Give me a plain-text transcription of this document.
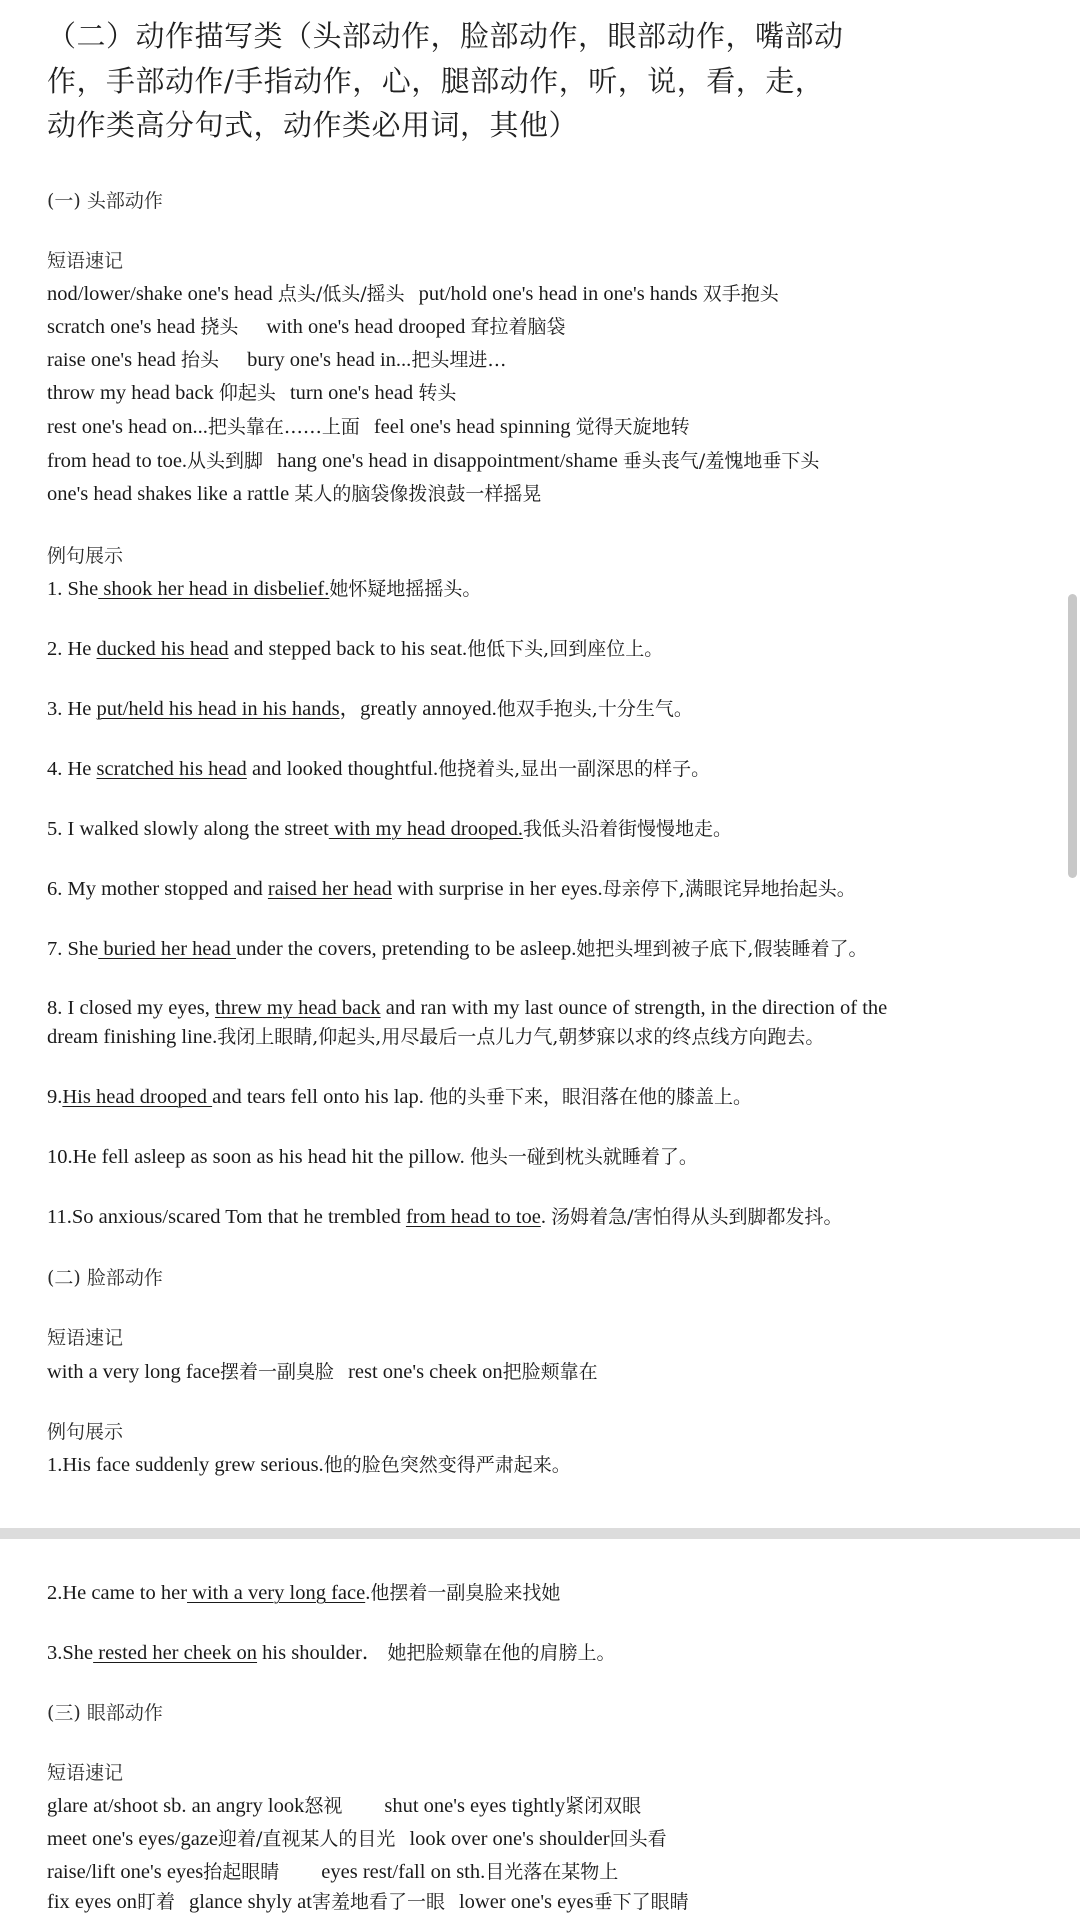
（二）动作描写类（头部动作，脸部动作，眼部动作，嘴部动
作，手部动作/手指动作，心，腿部动作，听，说，看，走，
动作类高分句式，动作类必用词，其他）
(一) 头部动作
短语速记
nod/lower/shake one's head 点头/低头/摇头 put/hold one's head in one's hands 双手抱头
scratch one's head 挠头 with one's head drooped 耷拉着脑袋
raise one's head 抬头 bury one's head in...把头埋进…
throw my head back 仰起头 turn one's head 转头
rest one's head on...把头靠在……上面 feel one's head spinning 觉得天旋地转
from head to toe.从头到脚 hang one's head in disappointment/shame 垂头丧气/羞愧地垂下头
one's head shakes like a rattle 某人的脑袋像拨浪鼓一样摇晃
例句展示
1. She shook her head in disbelief.她怀疑地摇摇头。
2. He ducked his head and stepped back to his seat.他低下头,回到座位上。
3. He put/held his head in his hands，greatly annoyed.他双手抱头,十分生气。
4. He scratched his head and looked thoughtful.他挠着头,显出一副深思的样子。
5. I walked slowly along the street with my head drooped.我低头沿着街慢慢地走。
6. My mother stopped and raised her head with surprise in her eyes.母亲停下,满眼诧异地抬起头。
7. She buried her head under the covers, pretending to be asleep.她把头埋到被子底下,假装睡着了。
8. I closed my eyes, threw my head back and ran with my last ounce of strength, in the direction of the
dream finishing line.我闭上眼睛,仰起头,用尽最后一点儿力气,朝梦寐以求的终点线方向跑去。
9.His head drooped and tears fell onto his lap. 他的头垂下来，眼泪落在他的膝盖上。
10.He fell asleep as soon as his head hit the pillow. 他头一碰到枕头就睡着了。
11.So anxious/scared Tom that he trembled from head to toe. 汤姆着急/害怕得从头到脚都发抖。
(二) 脸部动作
短语速记
with a very long face摆着一副臭脸 rest one's cheek on把脸颊靠在
例句展示
1.His face suddenly grew serious.他的脸色突然变得严肃起来。
2.He came to her with a very long face.他摆着一副臭脸来找她
3.She rested her cheek on his shoulder． 她把脸颊靠在他的肩膀上。
(三) 眼部动作
短语速记
glare at/shoot sb. an angry look怒视 shut one's eyes tightly紧闭双眼
meet one's eyes/gaze迎着/直视某人的目光 look over one's shoulder回头看
raise/lift one's eyes抬起眼睛 eyes rest/fall on sth.目光落在某物上
fix eyes on盯着 glance shyly at害羞地看了一眼 lower one's eyes垂下了眼睛
